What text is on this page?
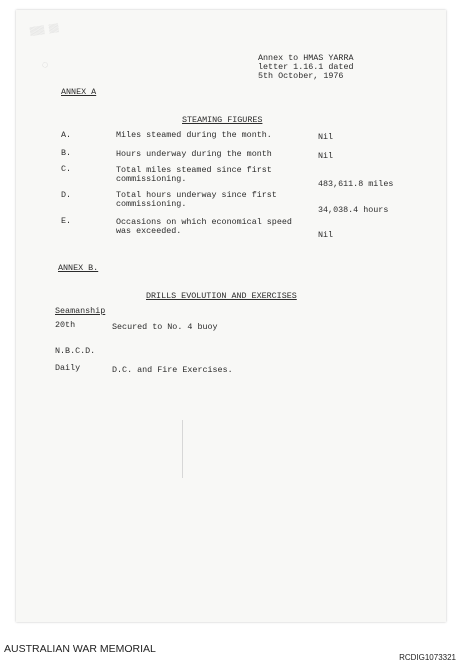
▒▒▒ ▒▒
◌
Annex to HMAS YARRA
letter 1.16.1 dated
5th October, 1976
ANNEX A
STEAMING FIGURES
A.	Miles steamed during the month.	Nil
B.	Hours underway during the month	Nil
C.	Total miles steamed since first
commissioning.	483,611.8 miles
D.	Total hours underway since first
commissioning.
34,038.4 hours
E.	Occasions on which economical speed
was exceeded.	Nil
ANNEX B.
DRILLS EVOLUTION AND EXERCISES
Seamanship
20th	Secured to No. 4 buoy
N.B.C.D.
Daily	D.C. and Fire Exercises.
AUSTRALIAN WAR MEMORIAL
RCDIG1073321
